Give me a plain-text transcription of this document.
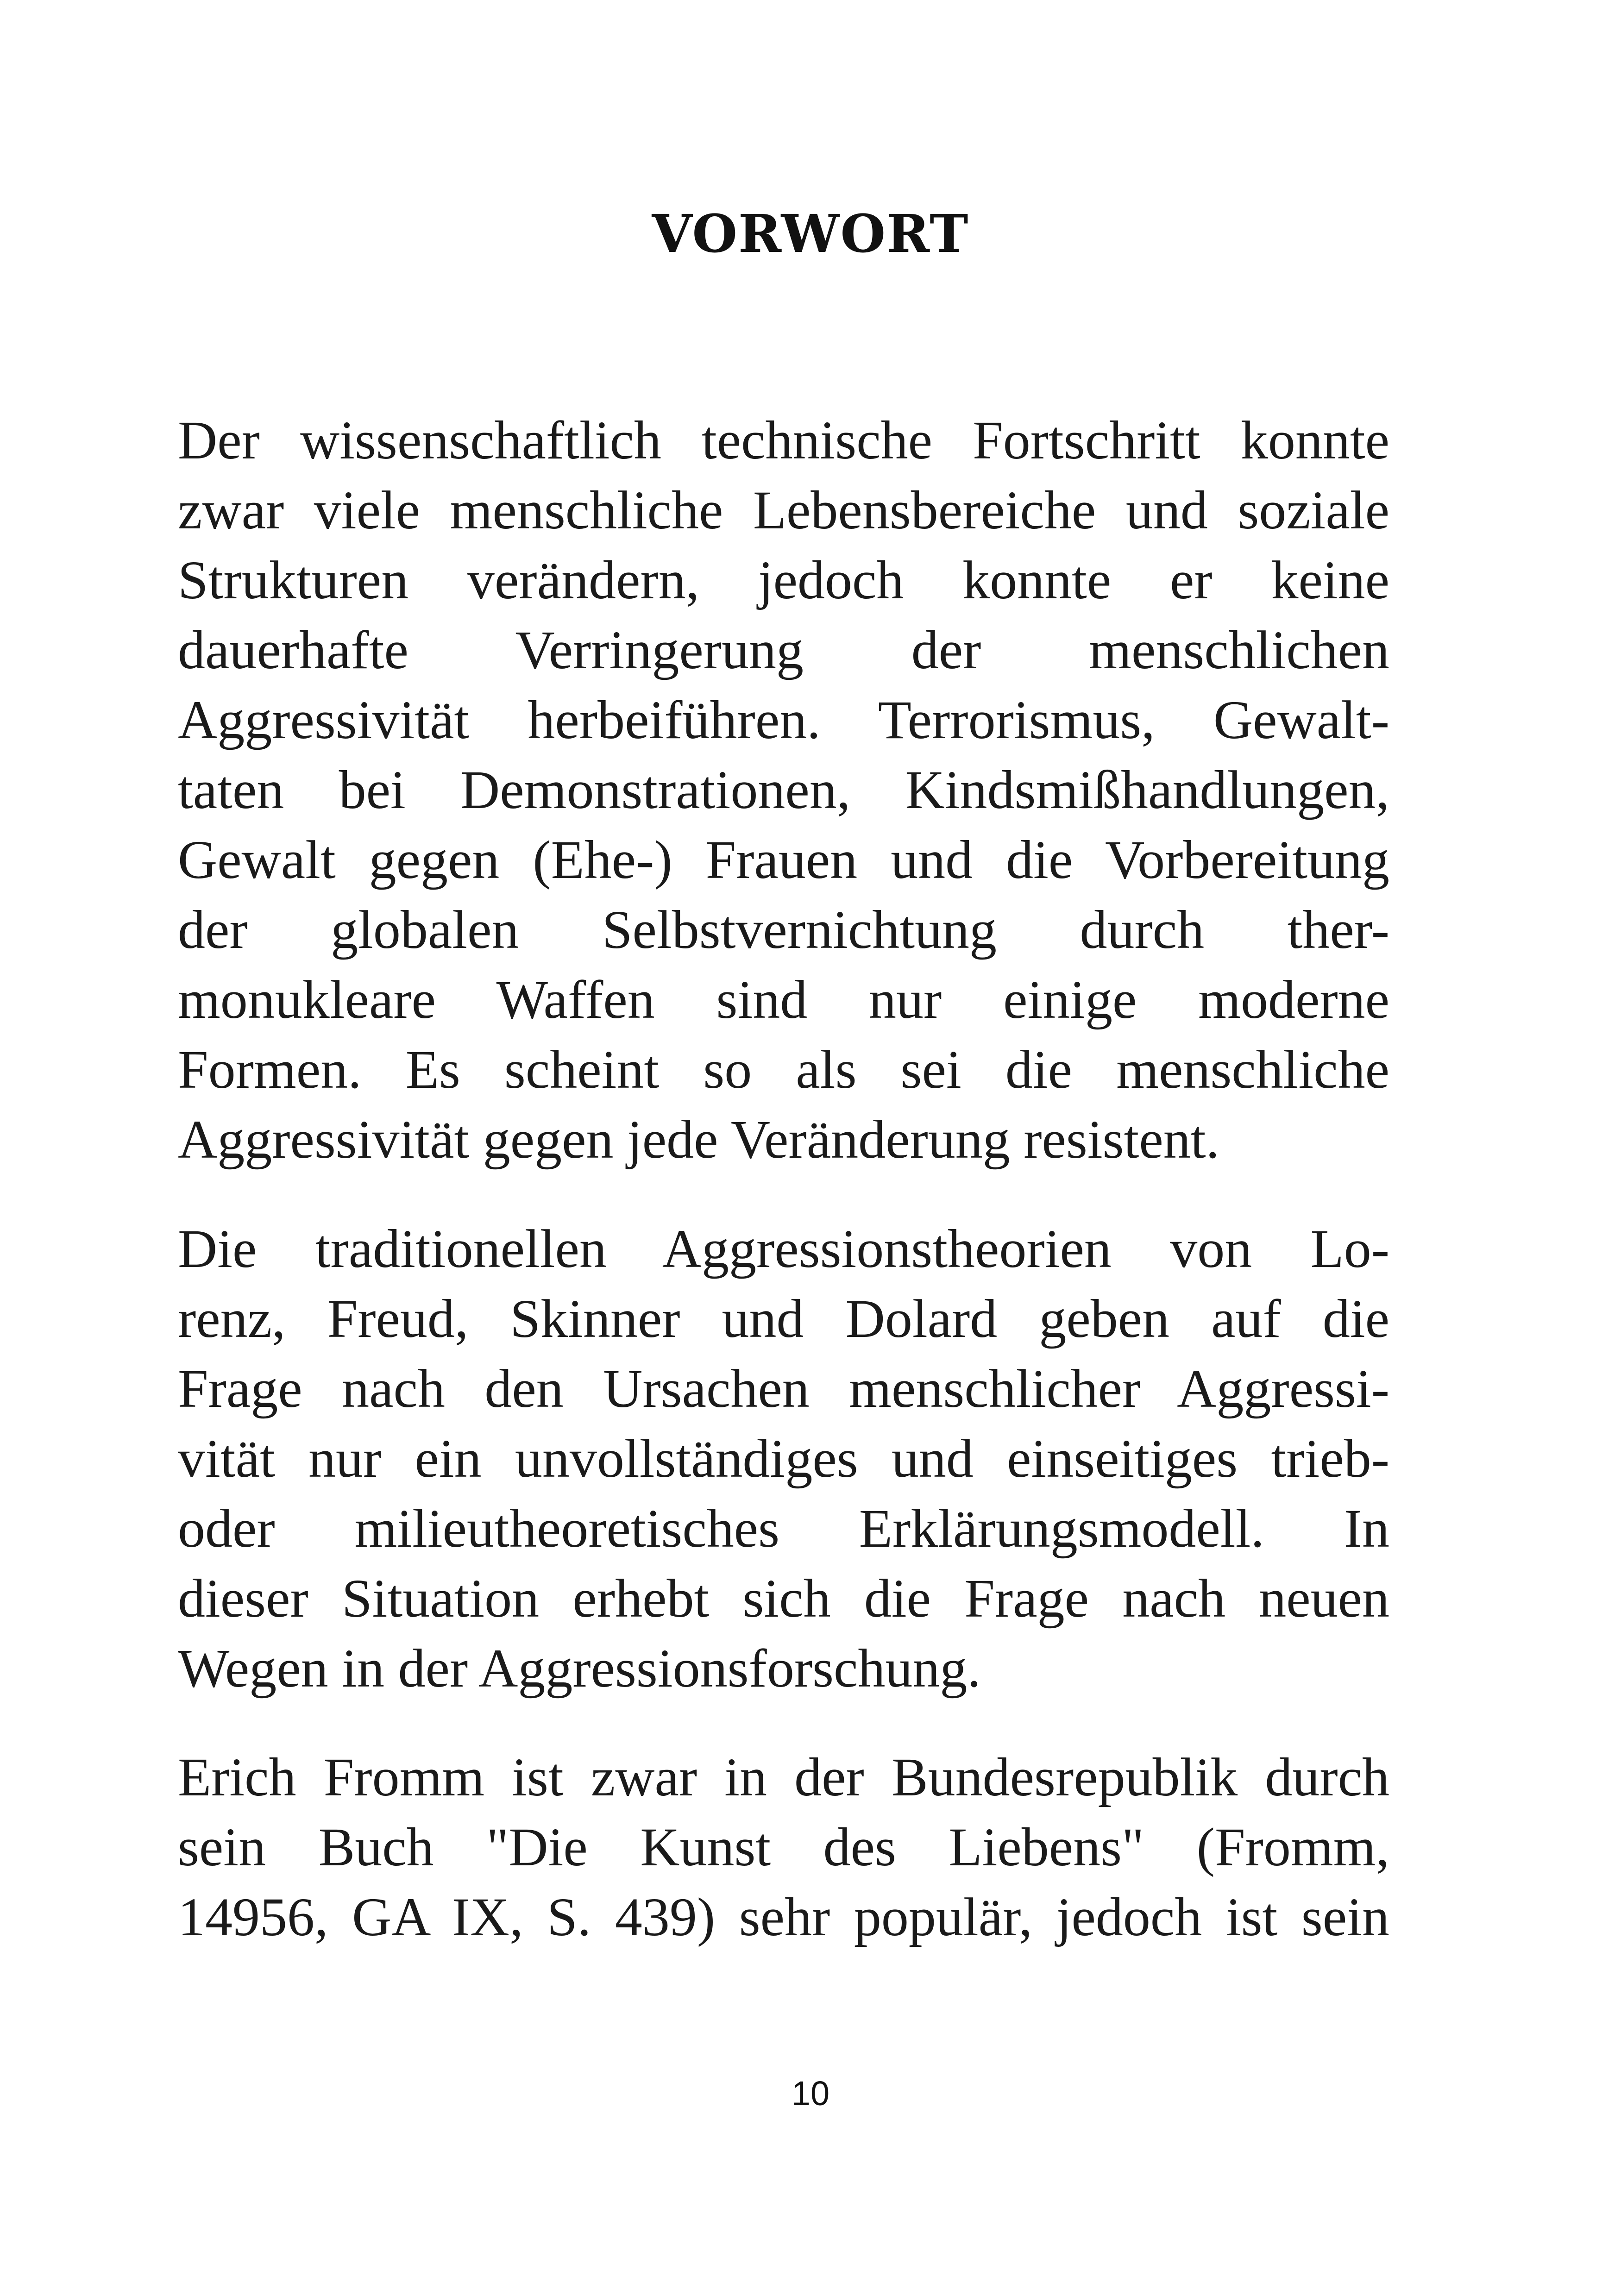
VORWORT
Der wissenschaftlich technische Fortschritt konnte
zwar viele menschliche Lebensbereiche und soziale
Strukturen verändern, jedoch konnte er keine
dauerhafte Verringerung der menschlichen
Aggressivität herbeiführen. Terrorismus, Gewalt-
taten bei Demonstrationen, Kindsmißhandlungen,
Gewalt gegen (Ehe-) Frauen und die Vorbereitung
der globalen Selbstvernichtung durch ther-
monukleare Waffen sind nur einige moderne
Formen. Es scheint so als sei die menschliche
Aggressivität gegen jede Veränderung resistent.
Die traditionellen Aggressionstheorien von Lo-
renz, Freud, Skinner und Dolard geben auf die
Frage nach den Ursachen menschlicher Aggressi-
vität nur ein unvollständiges und einseitiges trieb-
oder milieutheoretisches Erklärungsmodell. In
dieser Situation erhebt sich die Frage nach neuen
Wegen in der Aggressionsforschung.
Erich Fromm ist zwar in der Bundesrepublik durch
sein Buch "Die Kunst des Liebens" (Fromm,
14956, GA IX, S. 439) sehr populär, jedoch ist sein
10
